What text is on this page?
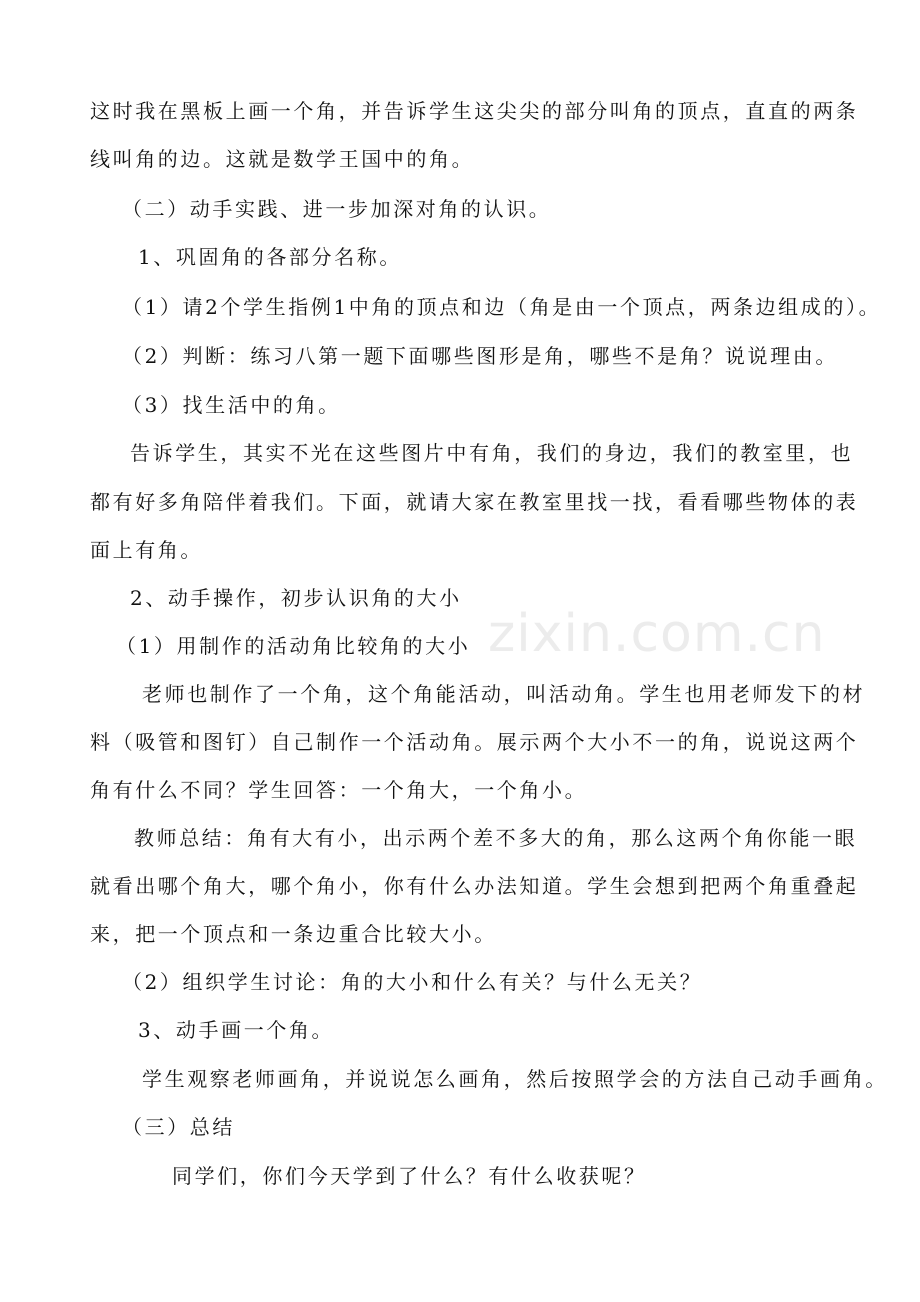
这时我在黑板上画一个角，并告诉学生这尖尖的部分叫角的顶点，直直的两条
线叫角的边。这就是数学王国中的角。
（二）动手实践、进一步加深对角的认识。
1、巩固角的各部分名称。
（1）请2个学生指例1中角的顶点和边（角是由一个顶点，两条边组成的）。
（2）判断：练习八第一题下面哪些图形是角，哪些不是角？说说理由。
（3）找生活中的角。
告诉学生，其实不光在这些图片中有角，我们的身边，我们的教室里，也
都有好多角陪伴着我们。下面，就请大家在教室里找一找，看看哪些物体的表
面上有角。
2、动手操作，初步认识角的大小
（1）用制作的活动角比较角的大小
老师也制作了一个角，这个角能活动，叫活动角。学生也用老师发下的材
料（吸管和图钉）自己制作一个活动角。展示两个大小不一的角，说说这两个
角有什么不同？学生回答：一个角大，一个角小。
教师总结：角有大有小，出示两个差不多大的角，那么这两个角你能一眼
就看出哪个角大，哪个角小，你有什么办法知道。学生会想到把两个角重叠起
来，把一个顶点和一条边重合比较大小。
（2）组织学生讨论：角的大小和什么有关？与什么无关？
3、动手画一个角。
学生观察老师画角，并说说怎么画角，然后按照学会的方法自己动手画角。
（三）总结
同学们，你们今天学到了什么？有什么收获呢？
zixin.com.cn
